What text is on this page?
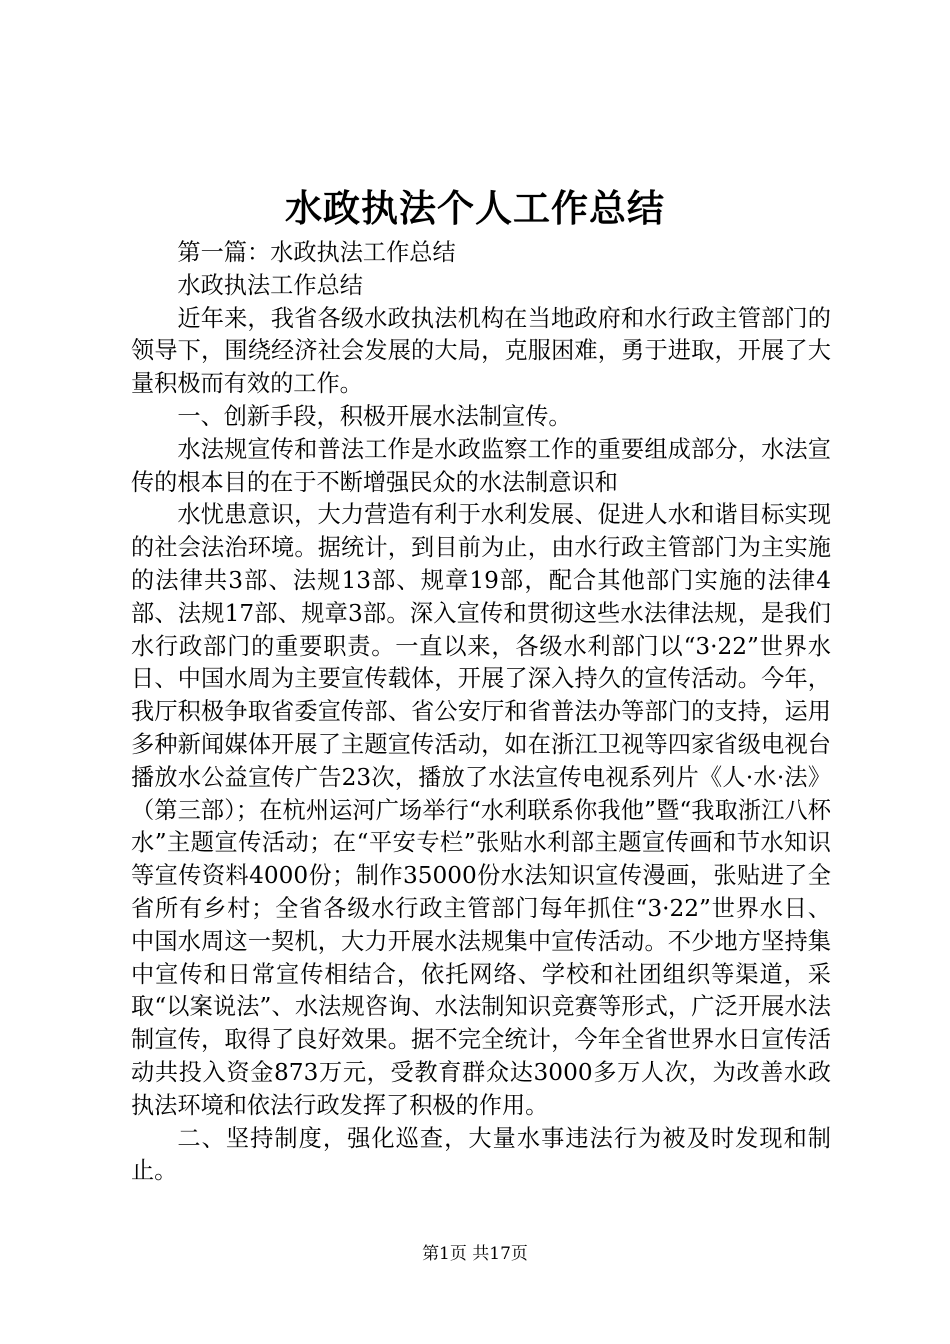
水政执法个人工作总结

第一篇：水政执法工作总结

水政执法工作总结

近年来，我省各级水政执法机构在当地政府和水行政主管部门的领导下，围绕经济社会发展的大局，克服困难，勇于进取，开展了大量积极而有效的工作。

一、创新手段，积极开展水法制宣传。

水法规宣传和普法工作是水政监察工作的重要组成部分，水法宣传的根本目的在于不断增强民众的水法制意识和

水忧患意识，大力营造有利于水利发展、促进人水和谐目标实现的社会法治环境。据统计，到目前为止，由水行政主管部门为主实施的法律共3部、法规13部、规章19部，配合其他部门实施的法律4部、法规17部、规章3部。深入宣传和贯彻这些水法律法规，是我们水行政部门的重要职责。一直以来，各级水利部门以“3·22”世界水日、中国水周为主要宣传载体，开展了深入持久的宣传活动。今年，我厅积极争取省委宣传部、省公安厅和省普法办等部门的支持，运用多种新闻媒体开展了主题宣传活动，如在浙江卫视等四家省级电视台播放水公益宣传广告23次，播放了水法宣传电视系列片《人·水·法》（第三部）；在杭州运河广场举行“水利联系你我他”暨“我取浙江八杯水”主题宣传活动；在“平安专栏”张贴水利部主题宣传画和节水知识等宣传资料4000份；制作35000份水法知识宣传漫画，张贴进了全省所有乡村；全省各级水行政主管部门每年抓住“3·22”世界水日、中国水周这一契机，大力开展水法规集中宣传活动。不少地方坚持集中宣传和日常宣传相结合，依托网络、学校和社团组织等渠道，采取“以案说法”、水法规咨询、水法制知识竞赛等形式，广泛开展水法制宣传，取得了良好效果。据不完全统计，今年全省世界水日宣传活动共投入资金873万元，受教育群众达3000多万人次，为改善水政执法环境和依法行政发挥了积极的作用。

二、坚持制度，强化巡查，大量水事违法行为被及时发现和制止。

第1页 共17页
